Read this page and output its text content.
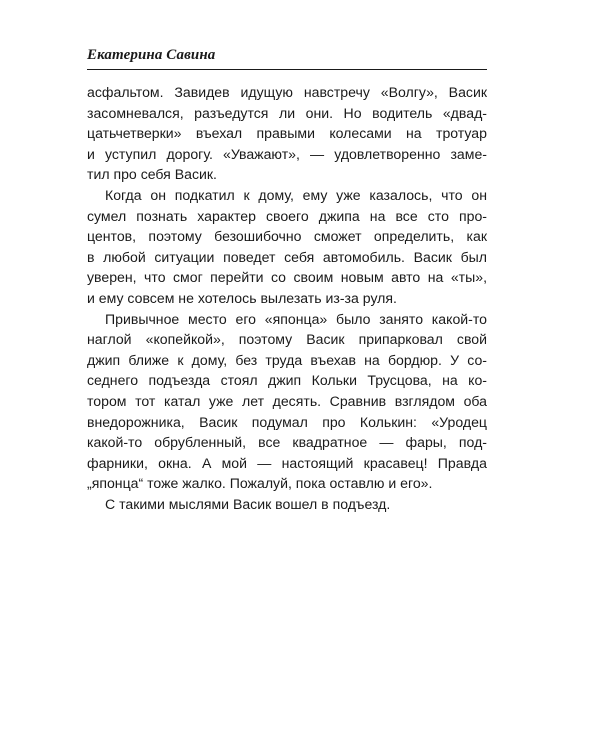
Екатерина Савина

асфальтом. Завидев идущую навстречу «Волгу», Васик
засомневался, разъедутся ли они. Но водитель «двад-
цатьчетверки» въехал правыми колесами на тротуар
и уступил дорогу. «Уважают», — удовлетворенно заме-
тил про себя Васик.

Когда он подкатил к дому, ему уже казалось, что он
сумел познать характер своего джипа на все сто про-
центов, поэтому безошибочно сможет определить, как
в любой ситуации поведет себя автомобиль. Васик был
уверен, что смог перейти со своим новым авто на «ты»,
и ему совсем не хотелось вылезать из-за руля.

Привычное место его «японца» было занято какой-то
наглой «копейкой», поэтому Васик припарковал свой
джип ближе к дому, без труда въехав на бордюр. У со-
седнего подъезда стоял джип Кольки Трусцова, на ко-
тором тот катал уже лет десять. Сравнив взглядом оба
внедорожника, Васик подумал про Колькин: «Уродец
какой-то обрубленный, все квадратное — фары, под-
фарники, окна. А мой — настоящий красавец! Правда
„японца“ тоже жалко. Пожалуй, пока оставлю и его».

С такими мыслями Васик вошел в подъезд.
